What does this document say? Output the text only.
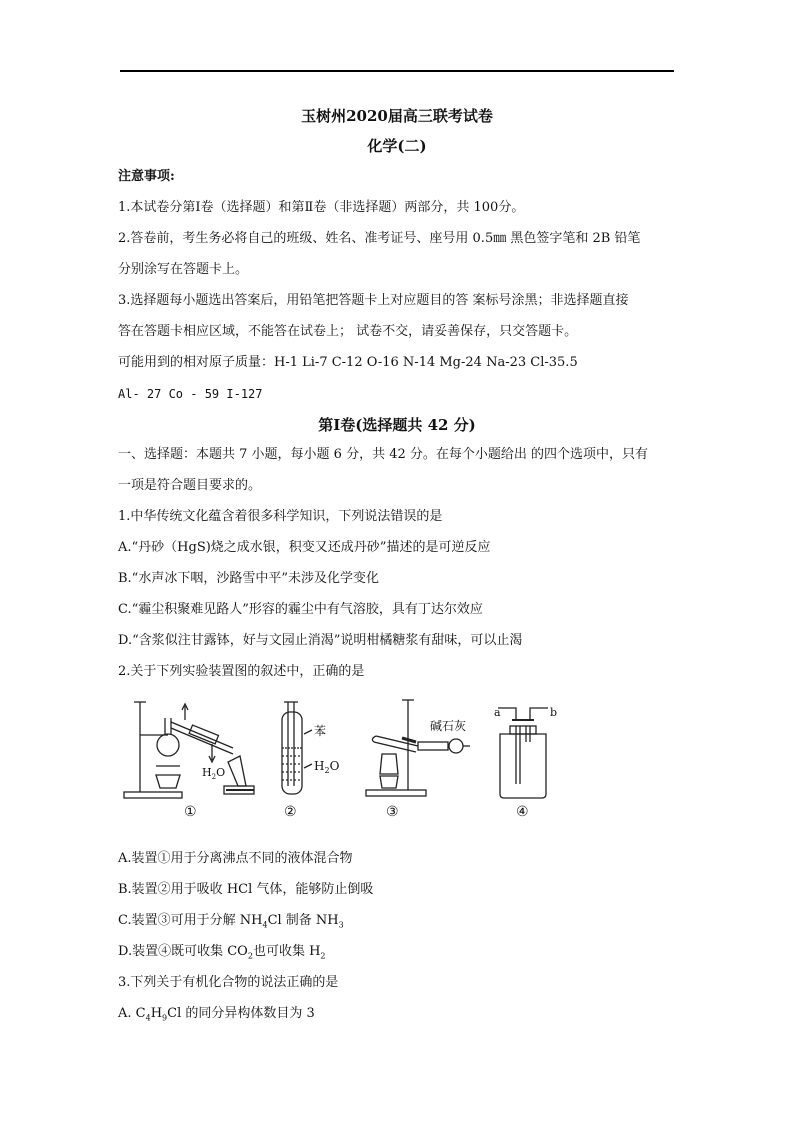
玉树州2020届高三联考试卷
化学(二)
注意事项:
1.本试卷分第Ⅰ卷（选择题）和第Ⅱ卷（非选择题）两部分，共 100分。
2.答卷前，考生务必将自己的班级、姓名、准考证号、座号用 0.5㎜ 黑色签字笔和 2B 铅笔
分别涂写在答题卡上。
3.选择题每小题选出答案后，用铅笔把答题卡上对应题目的答 案标号涂黑；非选择题直接
答在答题卡相应区域，不能答在试卷上； 试卷不交，请妥善保存，只交答题卡。
可能用到的相对原子质量：H-1 Li-7 C-12 O-16 N-14 Mg-24 Na-23 Cl-35.5
Al- 27 Co - 59 I-127
第Ⅰ卷(选择题共 42 分)
一、选择题：本题共 7 小题，每小题 6 分，共 42 分。在每个小题给出 的四个选项中，只有
一项是符合题目要求的。
1.中华传统文化蕴含着很多科学知识，下列说法错误的是
A.“丹砂（HgS)烧之成水银，积变又还成丹砂”描述的是可逆反应
B.“水声冰下咽，沙路雪中平”未涉及化学变化
C.“霾尘积聚难见路人”形容的霾尘中有气溶胶，具有丁达尔效应
D.“含浆似注甘露钵，好与文园止消渴”说明柑橘糖浆有甜味，可以止渴
2.关于下列实验装置图的叙述中，正确的是
①	②	③	④
苯
$H_2O$
$H_2O$
碱石灰
a	b
A.装置①用于分离沸点不同的液体混合物
B.装置②用于吸收 HCl 气体，能够防止倒吸
C.装置③可用于分解 $NH_4Cl$ 制备 $NH_3$
D.装置④既可收集 $CO_2$也可收集 $H_2$
3.下列关于有机化合物的说法正确的是
A. $C_4H_9Cl$ 的同分异构体数目为 3
